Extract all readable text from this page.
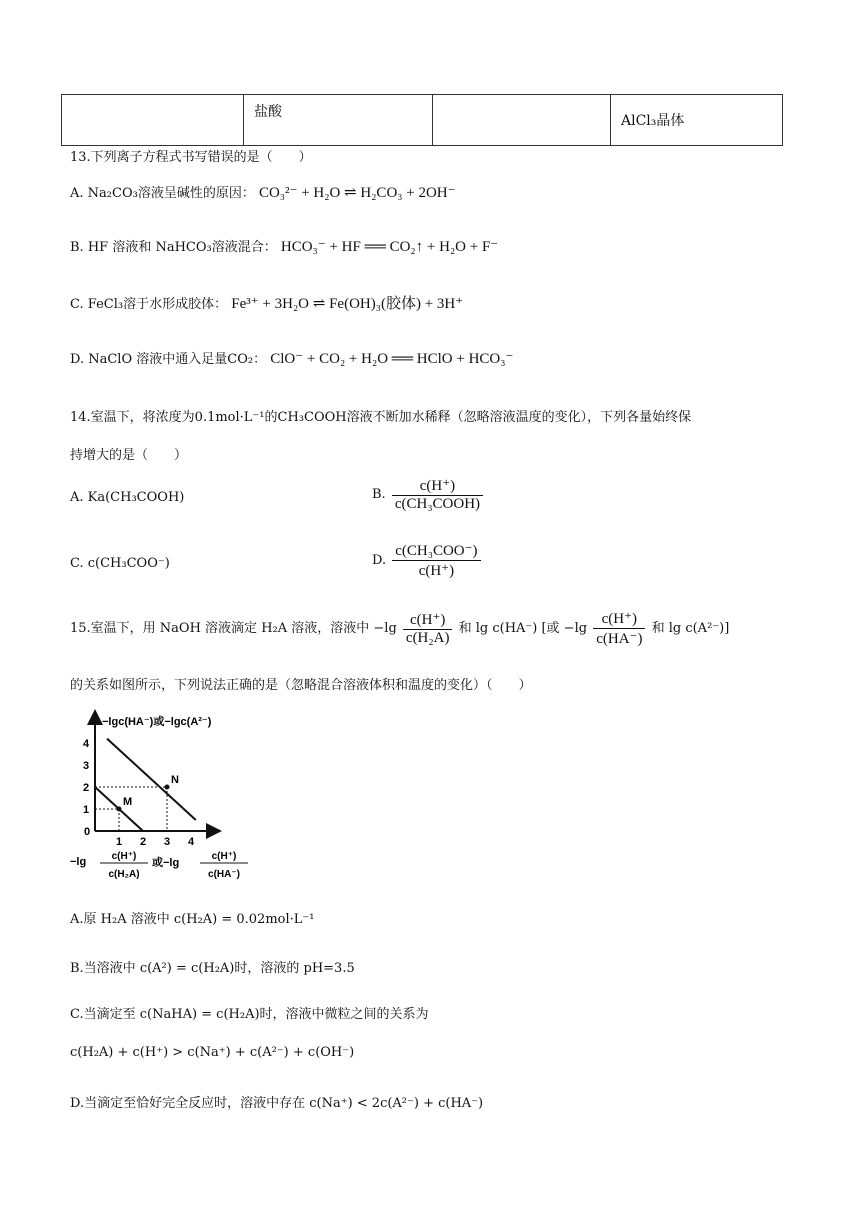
	盐酸		AlCl₃晶体
13.下列离子方程式书写错误的是（　　）
A. Na₂CO₃溶液呈碱性的原因： CO₃²⁻ + H₂O ⇌ H₂CO₃ + 2OH⁻
B. HF 溶液和 NaHCO₃溶液混合： HCO₃⁻ + HF ══ CO₂↑ + H₂O + F⁻
C. FeCl₃溶于水形成胶体： Fe³⁺ + 3H₂O ⇌ Fe(OH)₃(胶体) + 3H⁺
D. NaClO 溶液中通入足量CO₂： ClO⁻ + CO₂ + H₂O ══ HClO + HCO₃⁻
14.室温下，将浓度为0.1mol·L⁻¹的CH₃COOH溶液不断加水稀释（忽略溶液温度的变化），下列各量始终保
持增大的是（　　）
A. Ka(CH₃COOH)	B. $\frac{c(H^+)}{\text{c(CH₃COOH)}}$
C. c(CH₃COO⁻)	D. $\frac{\text{c(CH₃COO⁻)}}{c(H^+)}$
15.室温下，用 NaOH 溶液滴定 H₂A 溶液，溶液中 $-\lg \frac{c(H^+)}{\text{c(H₂A)}}$ 和 lg c(HA⁻) [或 $-\lg \frac{c(H^+)}{c(HA^-)}$ 和 lg c(A²⁻)]
的关系如图所示，下列说法正确的是（忽略混合溶液体积和温度的变化）（　　）
−lgc(HA⁻)或−lgc(A²⁻)
0
1
2
3
4
1 2 3 4
M
N
−lg	c(H⁺)
c(H₂A)
或−lg
c(H⁺)
c(HA⁻)
A.原 H₂A 溶液中 c(H₂A) = 0.02mol·L⁻¹
B.当溶液中 c(A²) = c(H₂A)时，溶液的 pH=3.5
C.当滴定至 c(NaHA) = c(H₂A)时，溶液中微粒之间的关系为
c(H₂A) + c(H⁺) > c(Na⁺) + c(A²⁻) + c(OH⁻)
D.当滴定至恰好完全反应时，溶液中存在 c(Na⁺) < 2c(A²⁻) + c(HA⁻)
